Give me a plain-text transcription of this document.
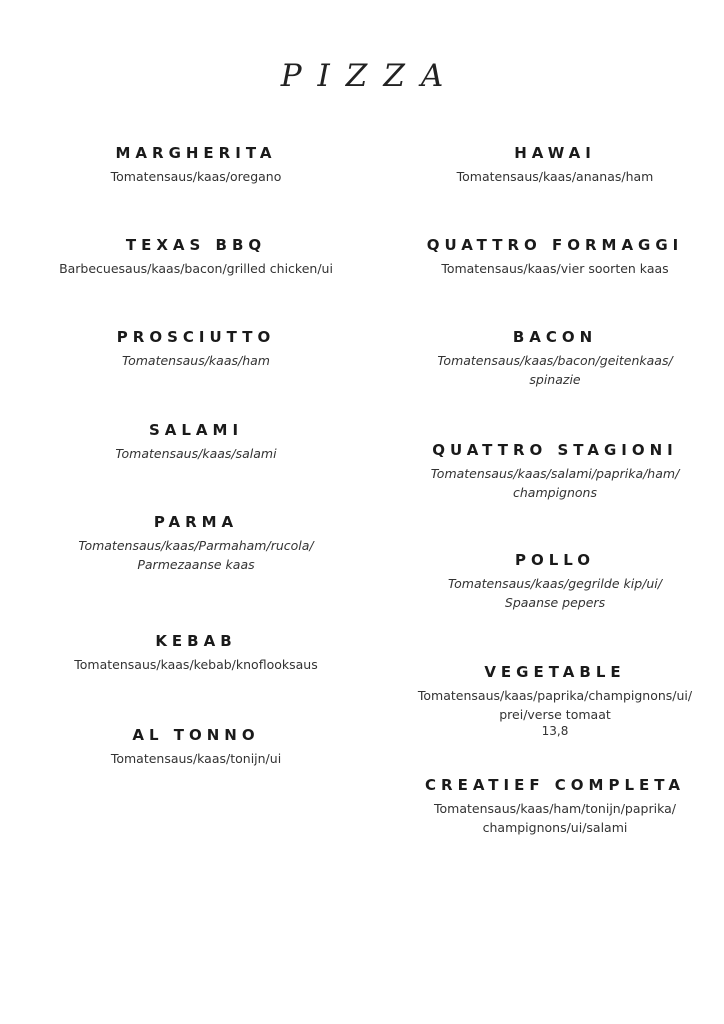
PIZZA
MARGHERITA
Tomatensaus/kaas/oregano
TEXAS BBQ
Barbecuesaus/kaas/bacon/grilled chicken/ui
PROSCIUTTO
Tomatensaus/kaas/ham
SALAMI
Tomatensaus/kaas/salami
PARMA
Tomatensaus/kaas/Parmaham/rucola/
Parmezaanse kaas
KEBAB
Tomatensaus/kaas/kebab/knoflooksaus
AL TONNO
Tomatensaus/kaas/tonijn/ui
HAWAI
Tomatensaus/kaas/ananas/ham
QUATTRO FORMAGGI
Tomatensaus/kaas/vier soorten kaas
BACON
Tomatensaus/kaas/bacon/geitenkaas/
spinazie
QUATTRO STAGIONI
Tomatensaus/kaas/salami/paprika/ham/
champignons
POLLO
Tomatensaus/kaas/gegrilde kip/ui/
Spaanse pepers
VEGETABLE
Tomatensaus/kaas/paprika/champignons/ui/
prei/verse tomaat
13,8
CREATIEF COMPLETA
Tomatensaus/kaas/ham/tonijn/paprika/
champignons/ui/salami
